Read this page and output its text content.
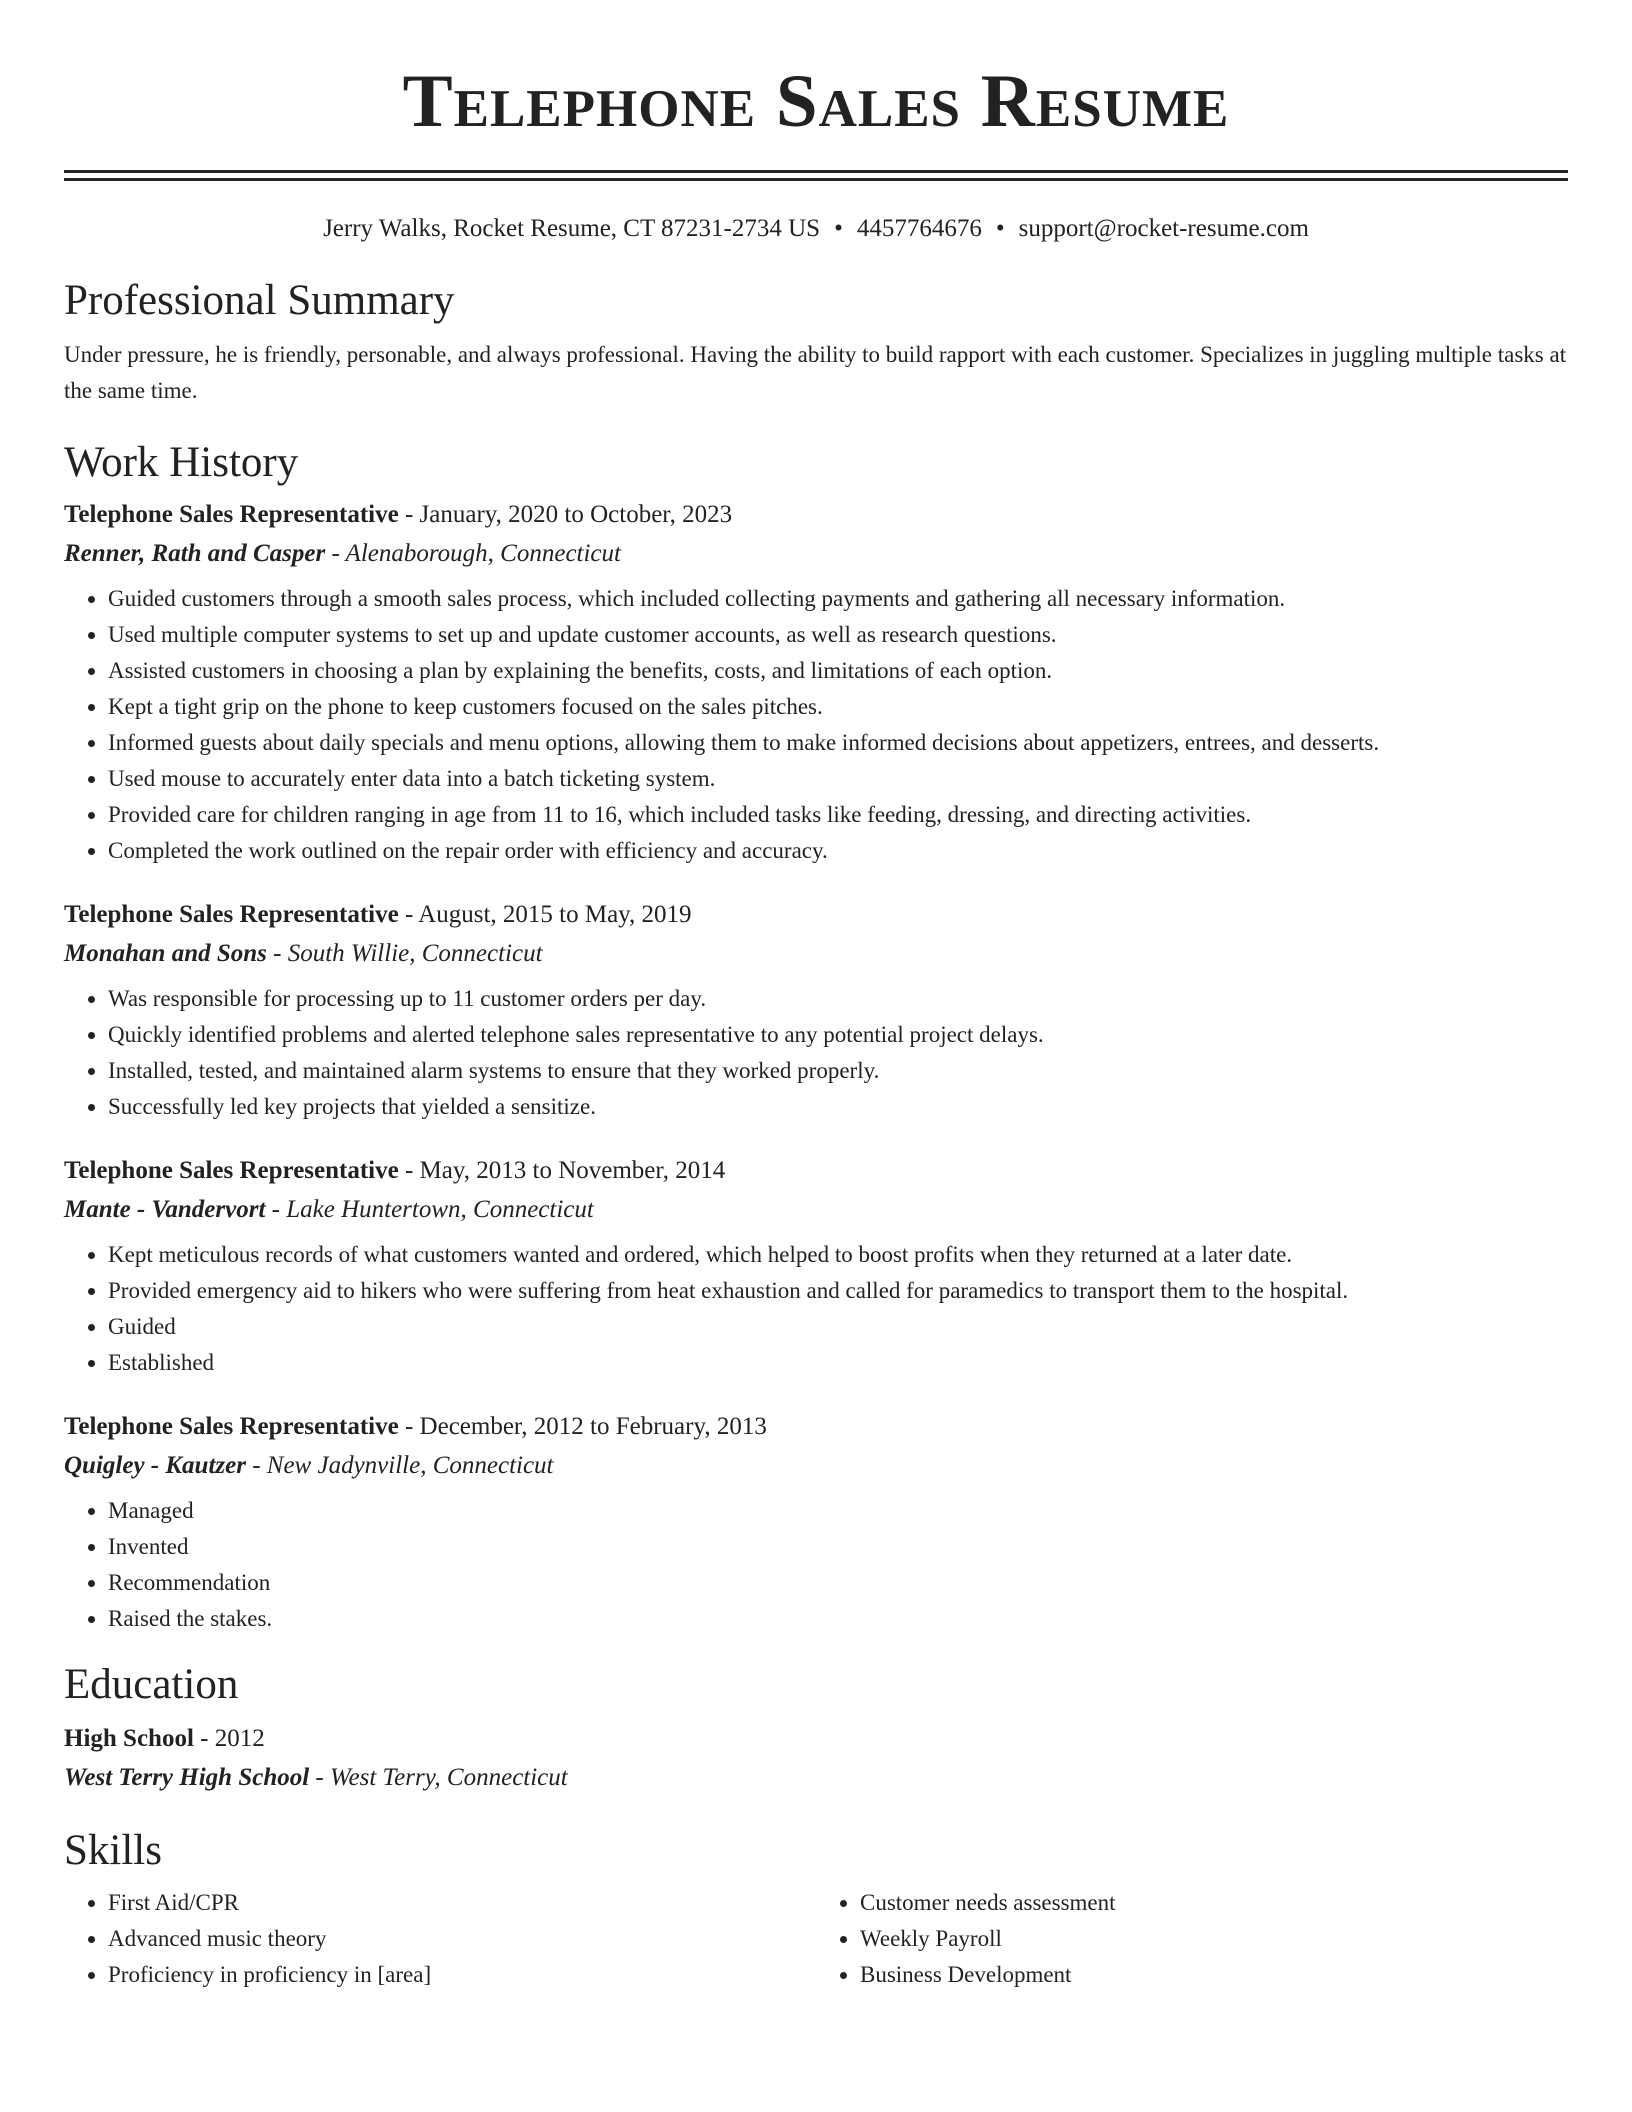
Telephone Sales Resume
Jerry Walks, Rocket Resume, CT 87231-2734 US • 4457764676 • support@rocket-resume.com
Professional Summary

Under pressure, he is friendly, personable, and always professional. Having the ability to build rapport with each customer. Specializes in juggling multiple tasks at the same time.

Work History
Telephone Sales Representative - January, 2020 to October, 2023
Renner, Rath and Casper - Alenaborough, Connecticut
• Guided customers through a smooth sales process, which included collecting payments and gathering all necessary information.
• Used multiple computer systems to set up and update customer accounts, as well as research questions.
• Assisted customers in choosing a plan by explaining the benefits, costs, and limitations of each option.
• Kept a tight grip on the phone to keep customers focused on the sales pitches.
• Informed guests about daily specials and menu options, allowing them to make informed decisions about appetizers, entrees, and desserts.
• Used mouse to accurately enter data into a batch ticketing system.
• Provided care for children ranging in age from 11 to 16, which included tasks like feeding, dressing, and directing activities.
• Completed the work outlined on the repair order with efficiency and accuracy.
Telephone Sales Representative - August, 2015 to May, 2019
Monahan and Sons - South Willie, Connecticut
• Was responsible for processing up to 11 customer orders per day.
• Quickly identified problems and alerted telephone sales representative to any potential project delays.
• Installed, tested, and maintained alarm systems to ensure that they worked properly.
• Successfully led key projects that yielded a sensitize.
Telephone Sales Representative - May, 2013 to November, 2014
Mante - Vandervort - Lake Huntertown, Connecticut
• Kept meticulous records of what customers wanted and ordered, which helped to boost profits when they returned at a later date.
• Provided emergency aid to hikers who were suffering from heat exhaustion and called for paramedics to transport them to the hospital.
• Guided
• Established
Telephone Sales Representative - December, 2012 to February, 2013
Quigley - Kautzer - New Jadynville, Connecticut
• Managed
• Invented
• Recommendation
• Raised the stakes.
Education
High School - 2012
West Terry High School - West Terry, Connecticut
Skills
• First Aid/CPR
• Advanced music theory
• Proficiency in proficiency in [area]
• Customer needs assessment
• Weekly Payroll
• Business Development
